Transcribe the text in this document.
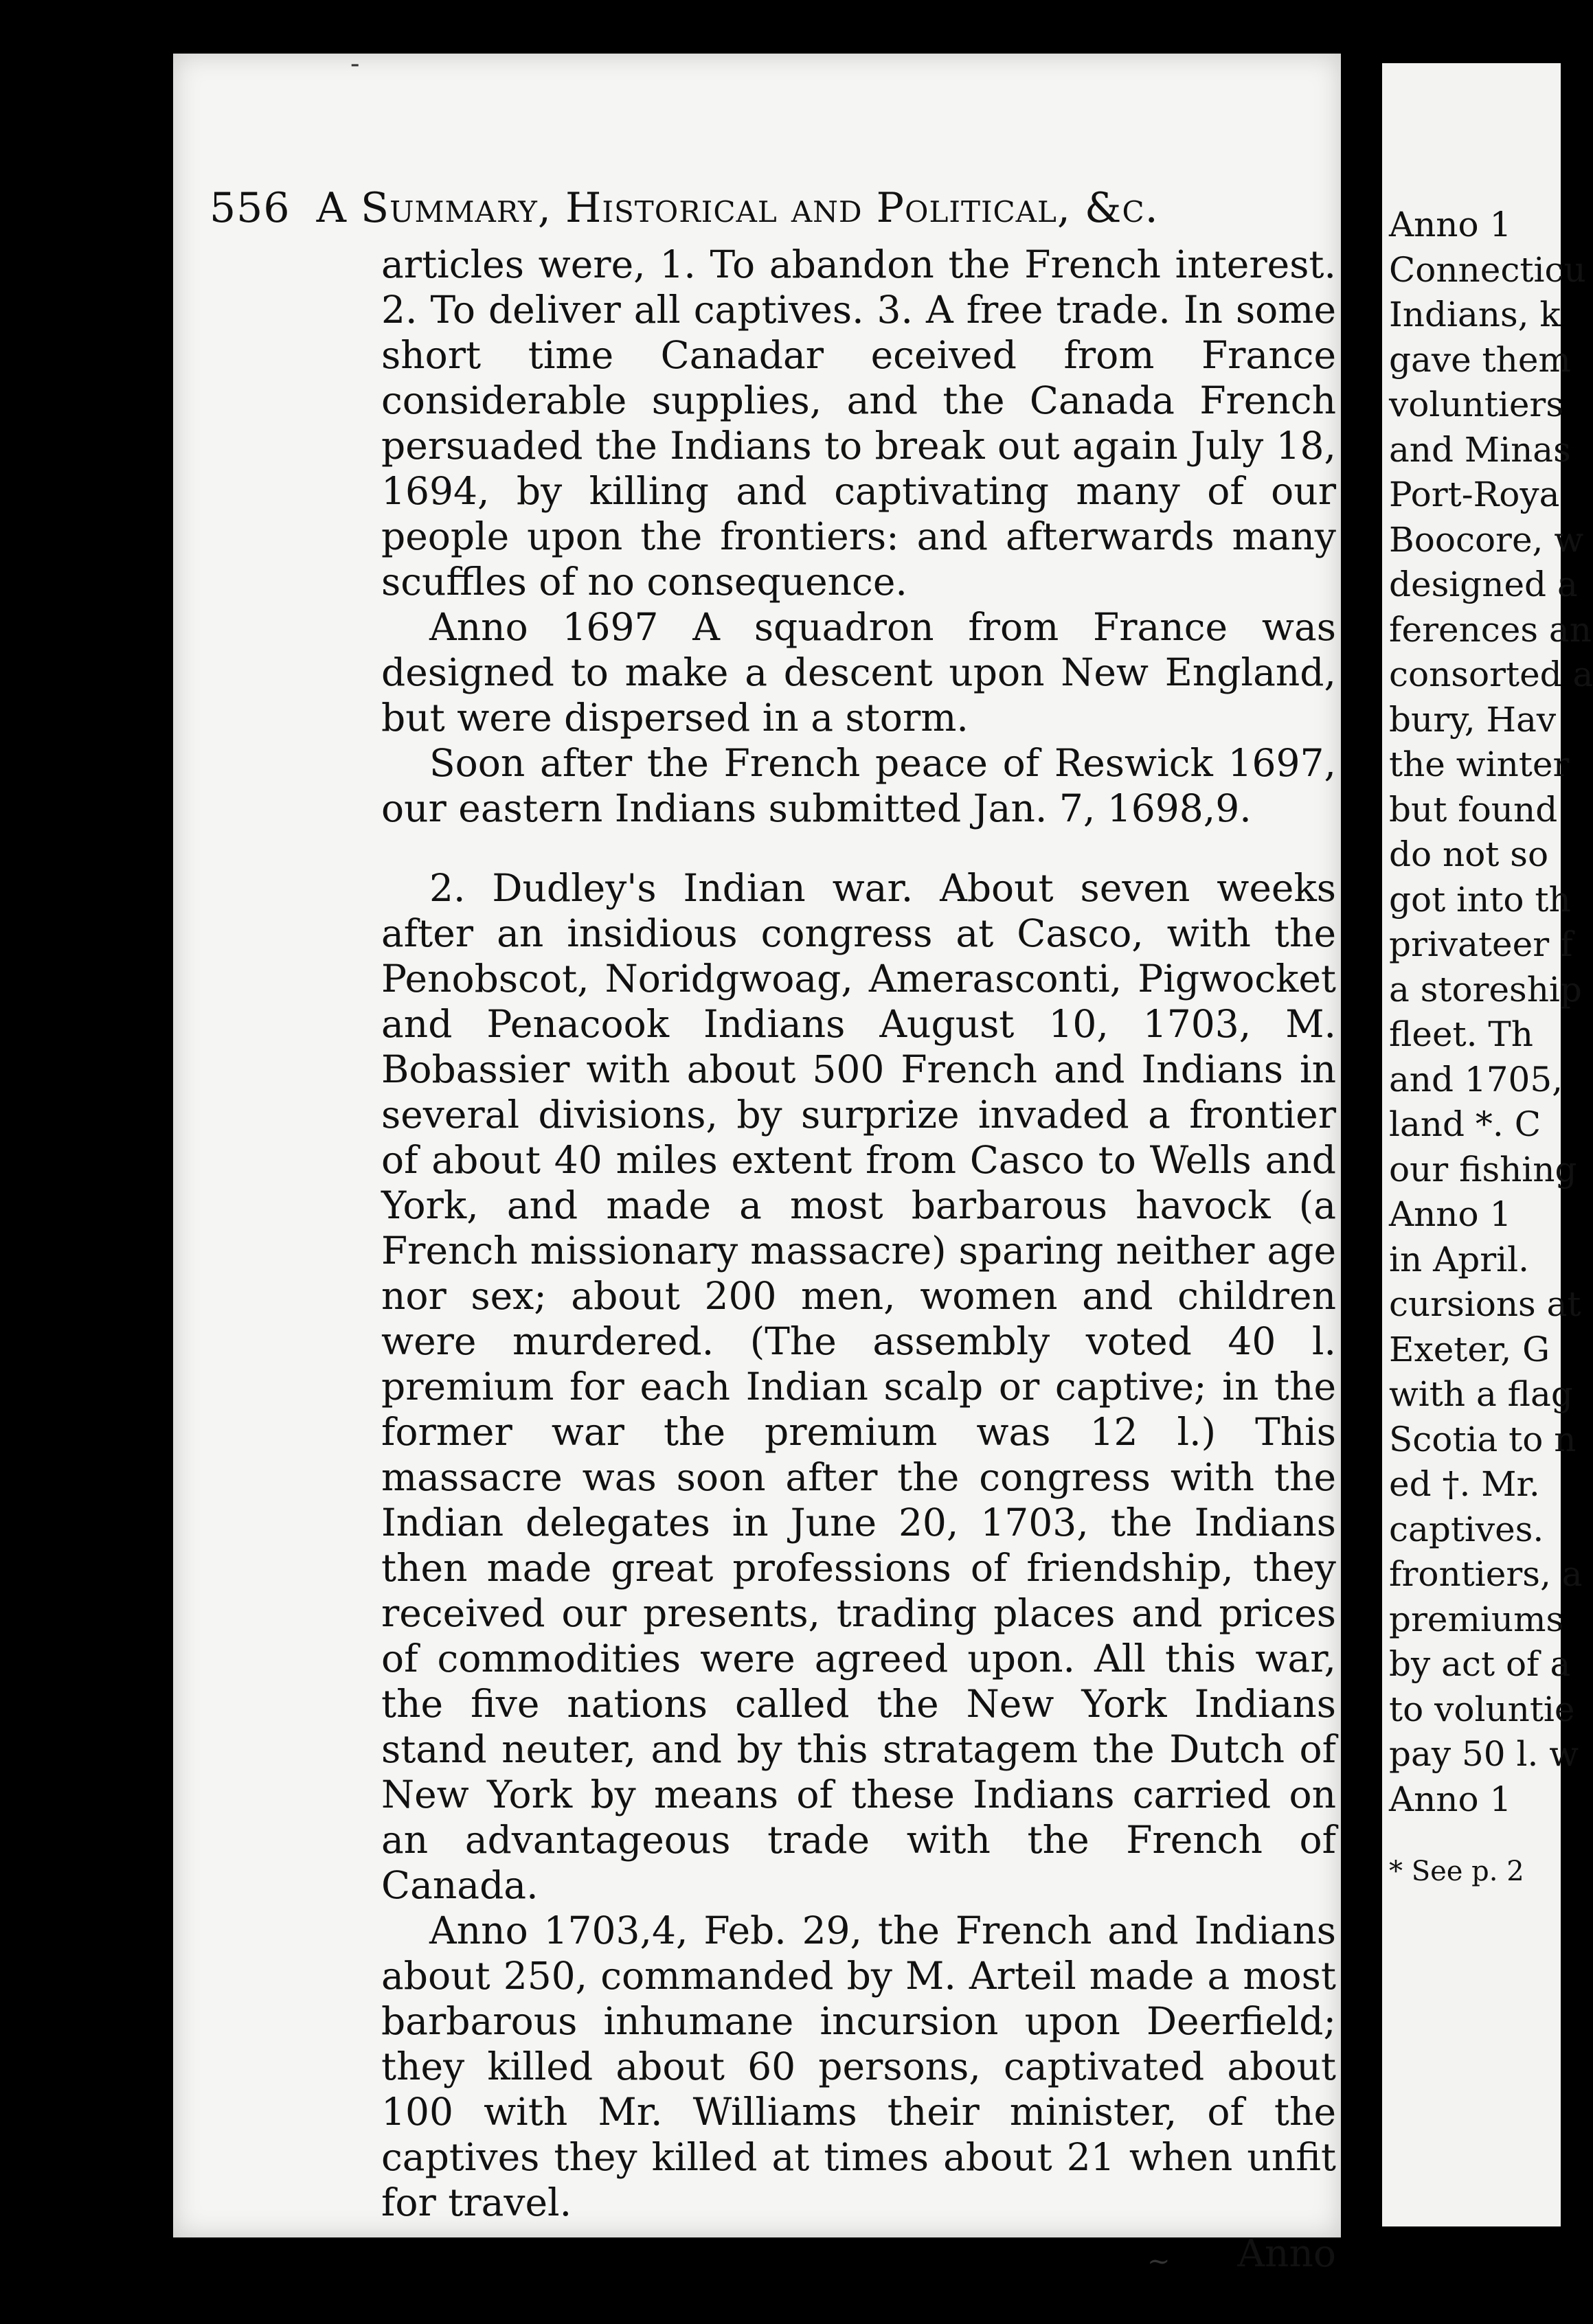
556 A Summary, Historical and Political, &c.

articles were, 1. To abandon the French interest. 2. To deliver all captives. 3. A free trade. In some short time Canadar eceived from France considerable supplies, and the Canada French persuaded the Indians to break out again July 18, 1694, by killing and captivating many of our people upon the frontiers: and afterwards many scuffles of no consequence.

Anno 1697 A squadron from France was designed to make a descent upon New England, but were dispersed in a storm.

Soon after the French peace of Reswick 1697, our eastern Indians submitted Jan. 7, 1698,9.

2. Dudley's Indian war. About seven weeks after an insidious congress at Casco, with the Penobscot, Noridgwoag, Amerasconti, Pigwocket and Penacook Indians August 10, 1703, M. Bobassier with about 500 French and Indians in several divisions, by surprize invaded a frontier of about 40 miles extent from Casco to Wells and York, and made a most barbarous havock (a French missionary massacre) sparing neither age nor sex; about 200 men, women and children were murdered. (The assembly voted 40 l. premium for each Indian scalp or captive; in the former war the premium was 12 l.) This massacre was soon after the congress with the Indian delegates in June 20, 1703, the Indians then made great professions of friendship, they received our presents, trading places and prices of commodities were agreed upon. All this war, the five nations called the New York Indians stand neuter, and by this stratagem the Dutch of New York by means of these Indians carried on an advantageous trade with the French of Canada.

Anno 1703,4, Feb. 29, the French and Indians about 250, commanded by M. Arteil made a most barbarous inhumane incursion upon Deerfield; they killed about 60 persons, captivated about 100 with Mr. Williams their minister, of the captives they killed at times about 21 when unfit for travel.

Anno
Anno 1
Connecticu
Indians, k
gave them
voluntiers
and Minas
Port-Roya
Boocore, w
designed a
ferences an
consorted a
bury, Hav
the winter
but found
do not so
got into th
privateer f
a storeship
fleet. Th
and 1705,
land *. C
our fishing
Anno 1
in April.
cursions at
Exeter, G
with a flag
Scotia to n
ed †. Mr.
captives.
frontiers, a
premiums
by act of a
to voluntie
pay 50 l. w
Anno 1
* See p. 2
-
~
